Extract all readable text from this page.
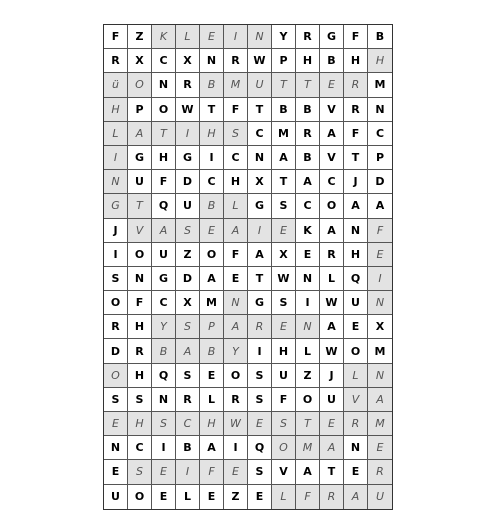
F	Z	K	L	E	I	N	Y	R	G	F	B
R	X	C	X	N	R	W	P	H	B	H	H
ü	O	N	R	B	M	U	T	T	E	R	M
H	P	O	W	T	F	T	B	B	V	R	N
L	A	T	I	H	S	C	M	R	A	F	C
I	G	H	G	I	C	N	A	B	V	T	P
N	U	F	D	C	H	X	T	A	C	J	D
G	T	Q	U	B	L	G	S	C	O	A	A
J	V	A	S	E	A	I	E	K	A	N	F
I	O	U	Z	O	F	A	X	E	R	H	E
S	N	G	D	A	E	T	W	N	L	Q	I
O	F	C	X	M	N	G	S	I	W	U	N
R	H	Y	S	P	A	R	E	N	A	E	X
D	R	B	A	B	Y	I	H	L	W	O	M
O	H	Q	S	E	O	S	U	Z	J	L	N
S	S	N	R	L	R	S	F	O	U	V	A
E	H	S	C	H	W	E	S	T	E	R	M
N	C	I	B	A	I	Q	O	M	A	N	E
E	S	E	I	F	E	S	V	A	T	E	R
U	O	E	L	E	Z	E	L	F	R	A	U
